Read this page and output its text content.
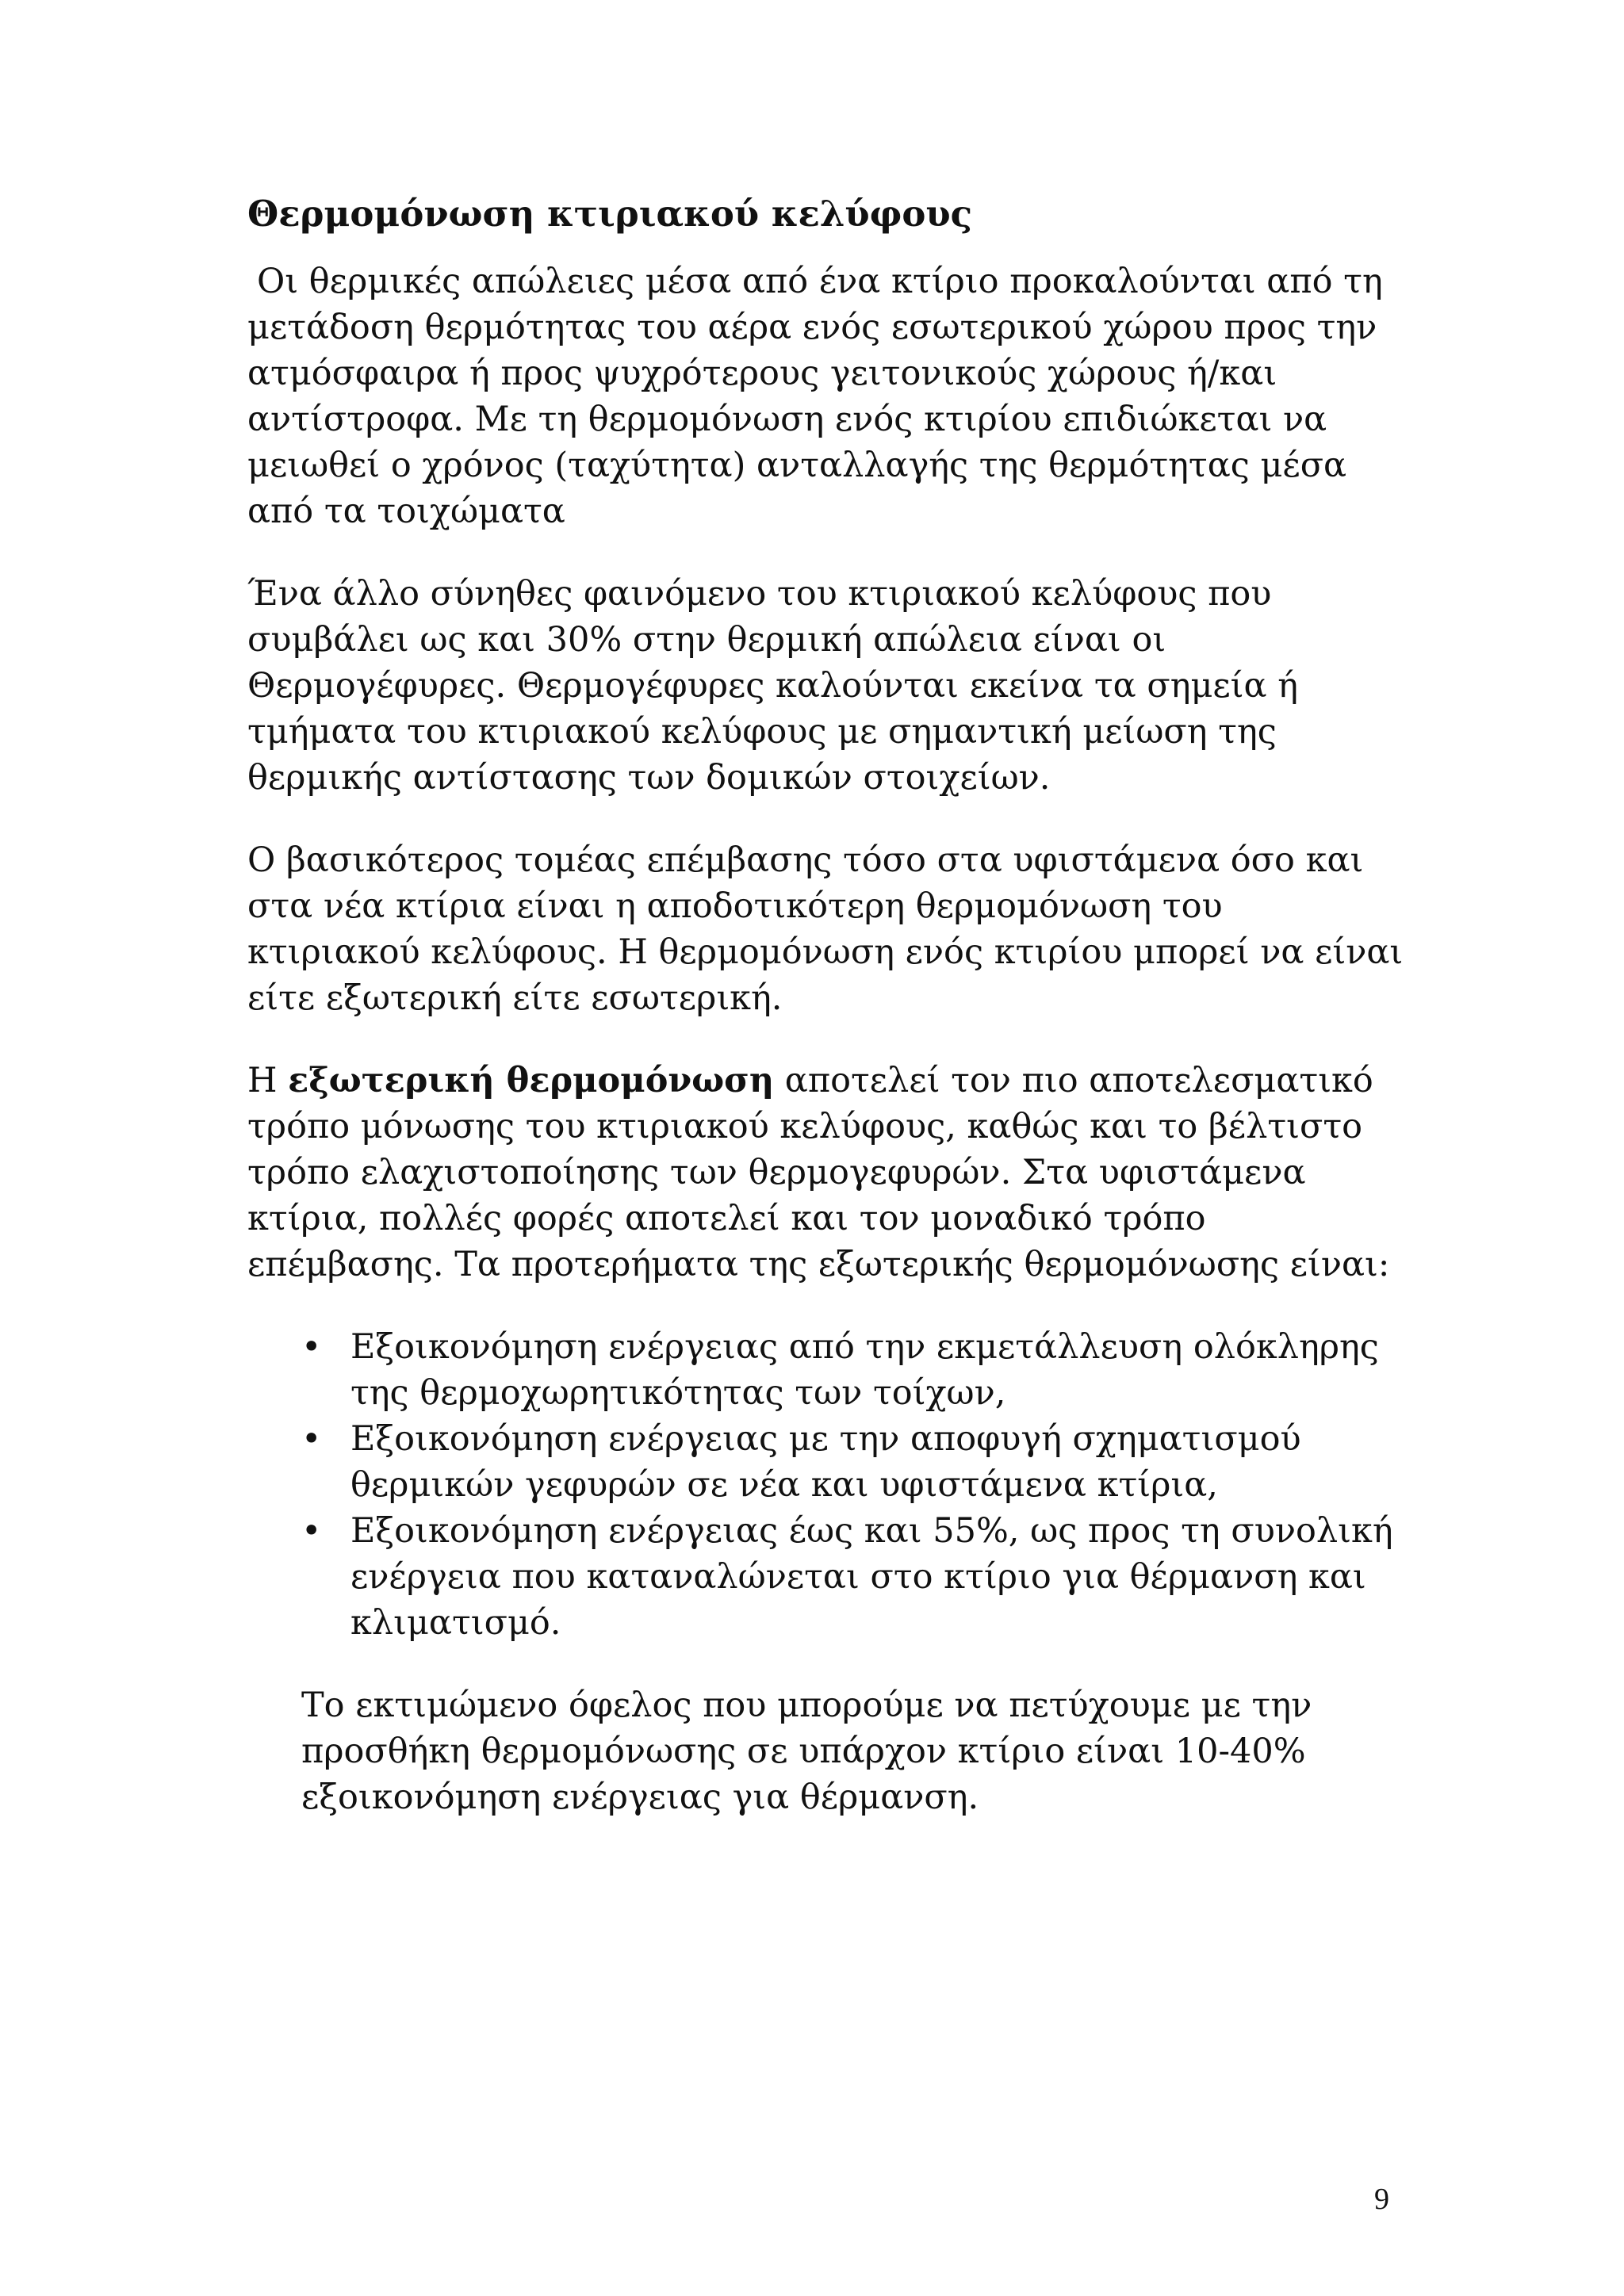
Θερμομόνωση κτιριακού κελύφους

Οι θερμικές απώλειες μέσα από ένα κτίριο προκαλούνται από τη μετάδοση θερμότητας του αέρα ενός εσωτερικού χώρου προς την ατμόσφαιρα ή προς ψυχρότερους γειτονικούς χώρους ή/και αντίστροφα. Με τη θερμομόνωση ενός κτιρίου επιδιώκεται να μειωθεί ο χρόνος (ταχύτητα) ανταλλαγής της θερμότητας μέσα από τα τοιχώματα

Ένα άλλο σύνηθες φαινόμενο του κτιριακού κελύφους που συμβάλει ως και 30% στην θερμική απώλεια είναι οι Θερμογέφυρες. Θερμογέφυρες καλούνται εκείνα τα σημεία ή τμήματα του κτιριακού κελύφους με σημαντική μείωση της θερμικής αντίστασης των δομικών στοιχείων.

Ο βασικότερος τομέας επέμβασης τόσο στα υφιστάμενα όσο και στα νέα κτίρια είναι η αποδοτικότερη θερμομόνωση του κτιριακού κελύφους. Η θερμομόνωση ενός κτιρίου μπορεί να είναι είτε εξωτερική είτε εσωτερική.

Η εξωτερική θερμομόνωση αποτελεί τον πιο αποτελεσματικό τρόπο μόνωσης του κτιριακού κελύφους, καθώς και το βέλτιστο τρόπο ελαχιστοποίησης των θερμογεφυρών. Στα υφιστάμενα κτίρια, πολλές φορές αποτελεί και τον μοναδικό τρόπο επέμβασης. Τα προτερήματα της εξωτερικής θερμομόνωσης είναι:

• Εξοικονόμηση ενέργειας από την εκμετάλλευση ολόκληρης της θερμοχωρητικότητας των τοίχων,
• Εξοικονόμηση ενέργειας με την αποφυγή σχηματισμού θερμικών γεφυρών σε νέα και υφιστάμενα κτίρια,
• Εξοικονόμηση ενέργειας έως και 55%, ως προς τη συνολική ενέργεια που καταναλώνεται στο κτίριο για θέρμανση και κλιματισμό.

Το εκτιμώμενο όφελος που μπορούμε να πετύχουμε με την προσθήκη θερμομόνωσης σε υπάρχον κτίριο είναι 10-40% εξοικονόμηση ενέργειας για θέρμανση.

9
